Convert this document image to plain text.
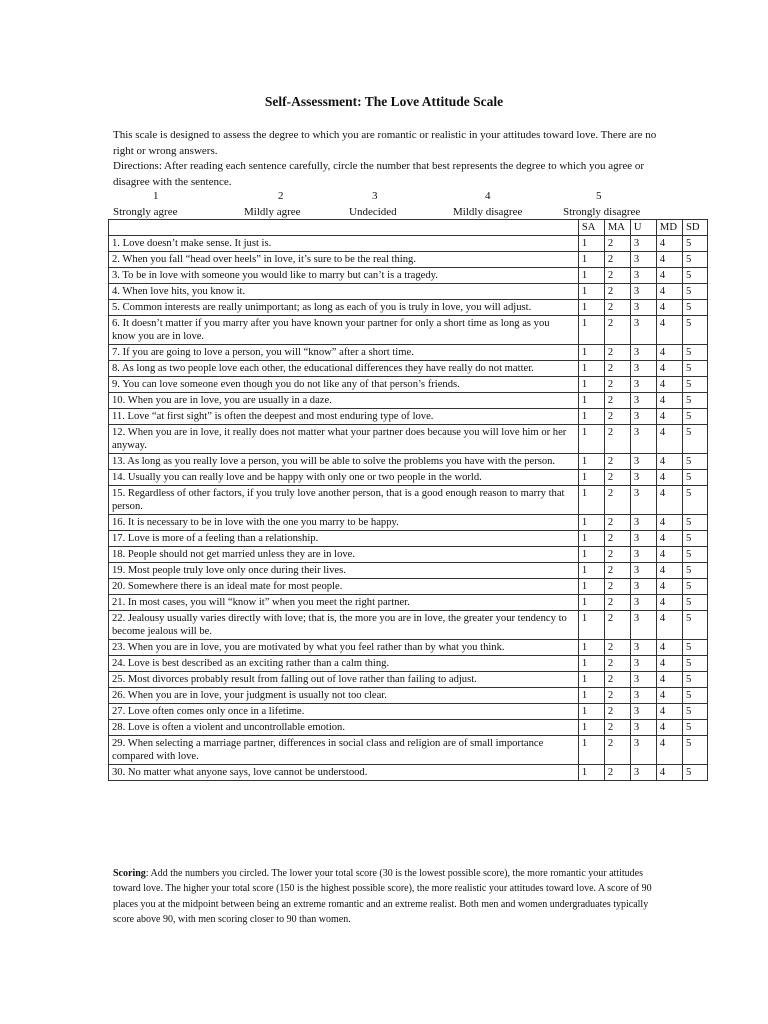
Self-Assessment: The Love Attitude Scale

This scale is designed to assess the degree to which you are romantic or realistic in your attitudes toward love. There are no right or wrong answers.

Directions: After reading each sentence carefully, circle the number that best represents the degree to which you agree or disagree with the sentence.

1	2	3	4	5
Strongly agree	Mildly agree	Undecided	Mildly disagree	Strongly disagree
	SA	MA	U	MD	SD
1. Love doesn’t make sense. It just is.	1	2	3	4	5
2. When you fall “head over heels” in love, it’s sure to be the real thing.	1	2	3	4	5
3. To be in love with someone you would like to marry but can’t is a tragedy.	1	2	3	4	5
4. When love hits, you know it.	1	2	3	4	5
5. Common interests are really unimportant; as long as each of you is truly in love, you will adjust.	1	2	3	4	5
6. It doesn’t matter if you marry after you have known your partner for only a short time as long as you know you are in love.	1	2	3	4	5
7. If you are going to love a person, you will “know” after a short time.	1	2	3	4	5
8. As long as two people love each other, the educational differences they have really do not matter.	1	2	3	4	5
9. You can love someone even though you do not like any of that person’s friends.	1	2	3	4	5
10. When you are in love, you are usually in a daze.	1	2	3	4	5
11. Love “at first sight” is often the deepest and most enduring type of love.	1	2	3	4	5
12. When you are in love, it really does not matter what your partner does because you will love him or her anyway.	1	2	3	4	5
13. As long as you really love a person, you will be able to solve the problems you have with the person.	1	2	3	4	5
14. Usually you can really love and be happy with only one or two people in the world.	1	2	3	4	5
15. Regardless of other factors, if you truly love another person, that is a good enough reason to marry that person.	1	2	3	4	5
16. It is necessary to be in love with the one you marry to be happy.	1	2	3	4	5
17. Love is more of a feeling than a relationship.	1	2	3	4	5
18. People should not get married unless they are in love.	1	2	3	4	5
19. Most people truly love only once during their lives.	1	2	3	4	5
20. Somewhere there is an ideal mate for most people.	1	2	3	4	5
21. In most cases, you will “know it” when you meet the right partner.	1	2	3	4	5
22. Jealousy usually varies directly with love; that is, the more you are in love, the greater your tendency to become jealous will be.	1	2	3	4	5
23. When you are in love, you are motivated by what you feel rather than by what you think.	1	2	3	4	5
24. Love is best described as an exciting rather than a calm thing.	1	2	3	4	5
25. Most divorces probably result from falling out of love rather than failing to adjust.	1	2	3	4	5
26. When you are in love, your judgment is usually not too clear.	1	2	3	4	5
27. Love often comes only once in a lifetime.	1	2	3	4	5
28. Love is often a violent and uncontrollable emotion.	1	2	3	4	5
29. When selecting a marriage partner, differences in social class and religion are of small importance compared with love.	1	2	3	4	5
30. No matter what anyone says, love cannot be understood.	1	2	3	4	5
Scoring: Add the numbers you circled. The lower your total score (30 is the lowest possible score), the more romantic your attitudes toward love. The higher your total score (150 is the highest possible score), the more realistic your attitudes toward love. A score of 90 places you at the midpoint between being an extreme romantic and an extreme realist. Both men and women undergraduates typically score above 90, with men scoring closer to 90 than women.
